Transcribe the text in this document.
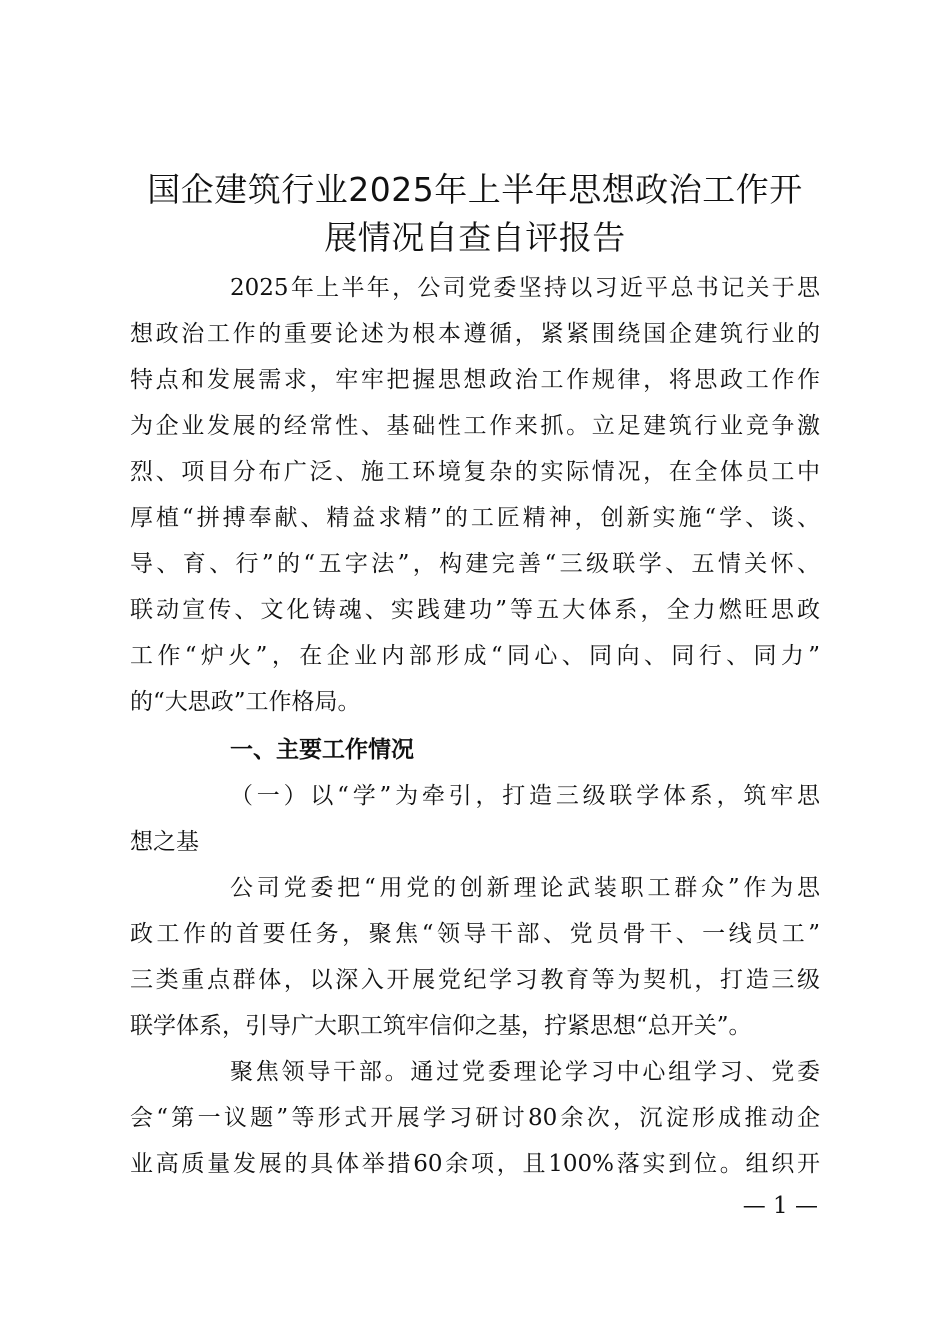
国企建筑行业2025年上半年思想政治工作开
展情况自查自评报告
2025年上半年，公司党委坚持以习近平总书记关于思
想政治工作的重要论述为根本遵循，紧紧围绕国企建筑行业的
特点和发展需求，牢牢把握思想政治工作规律，将思政工作作
为企业发展的经常性、基础性工作来抓。立足建筑行业竞争激
烈、项目分布广泛、施工环境复杂的实际情况，在全体员工中
厚植“拼搏奉献、精益求精”的工匠精神，创新实施“学、谈、
导、育、行”的“五字法”，构建完善“三级联学、五情关怀、
联动宣传、文化铸魂、实践建功”等五大体系，全力燃旺思政
工作“炉火”，在企业内部形成“同心、同向、同行、同力”
的“大思政”工作格局。
一、主要工作情况
（一）以“学”为牵引，打造三级联学体系，筑牢思
想之基
公司党委把“用党的创新理论武装职工群众”作为思
政工作的首要任务，聚焦“领导干部、党员骨干、一线员工”
三类重点群体，以深入开展党纪学习教育等为契机，打造三级
联学体系，引导广大职工筑牢信仰之基，拧紧思想“总开关”。
聚焦领导干部。通过党委理论学习中心组学习、党委
会“第一议题”等形式开展学习研讨80余次，沉淀形成推动企
业高质量发展的具体举措60余项，且100%落实到位。组织开
— 1 —
